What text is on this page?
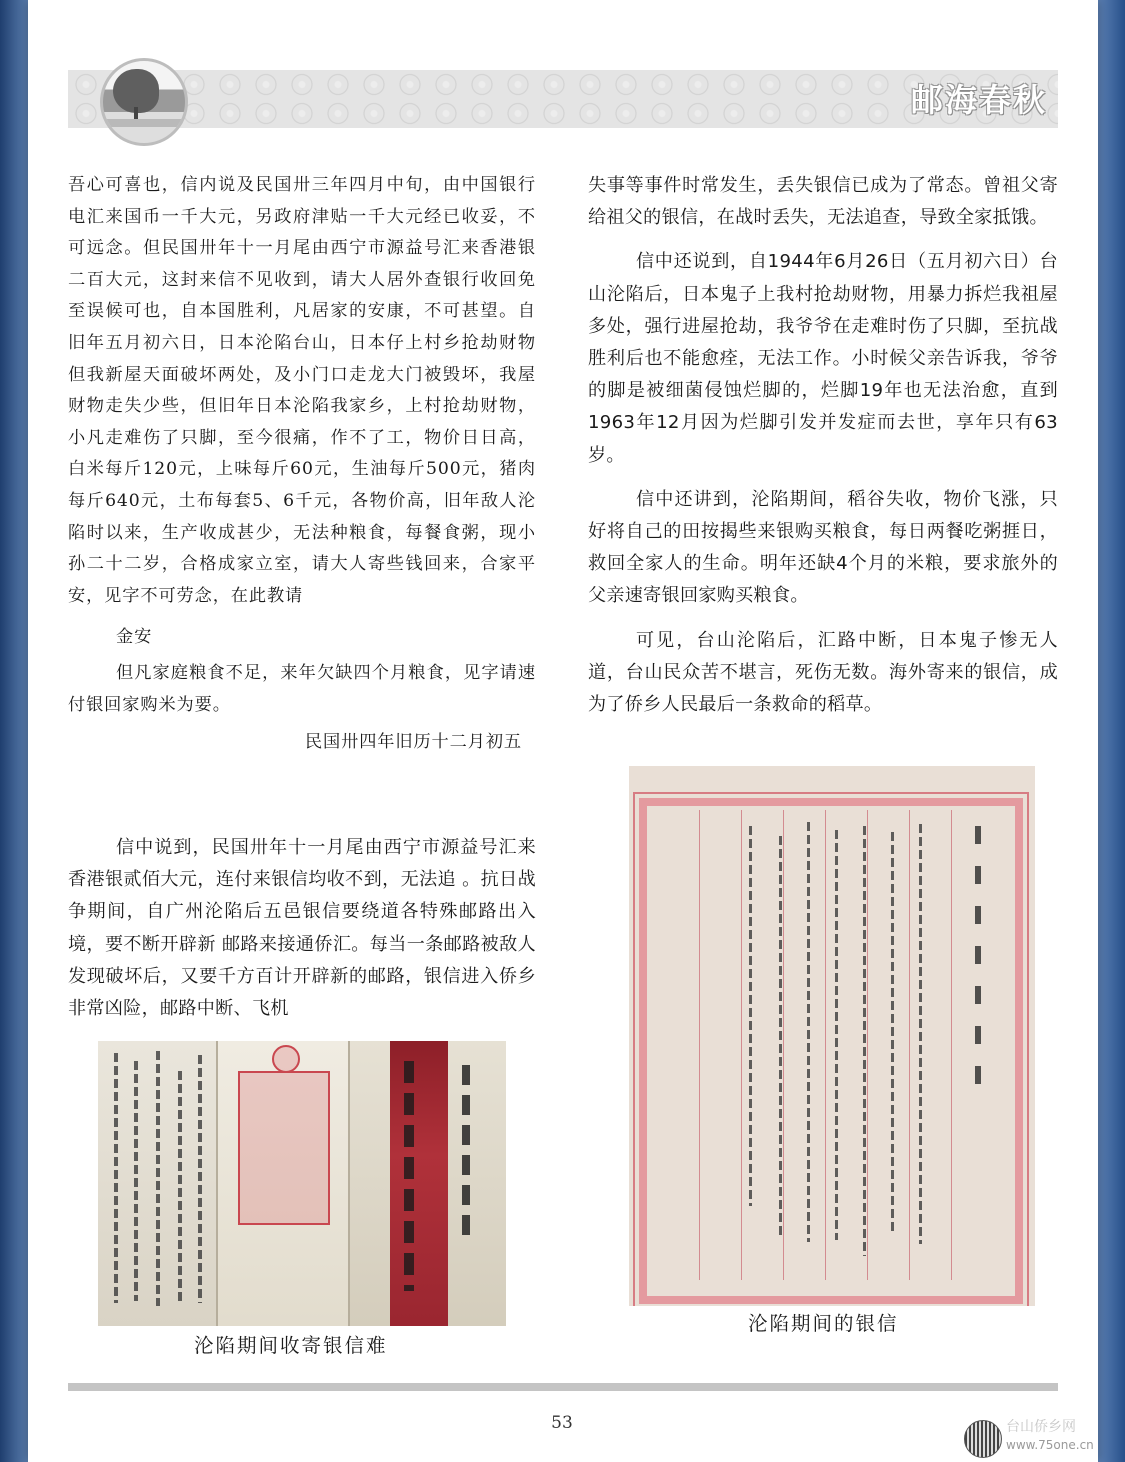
邮海春秋

吾心可喜也，信内说及民国卅三年四月中旬，由中国银行电汇来国币一千大元，另政府津贴一千大元经已收妥，不可远念。但民国卅年十一月尾由西宁市源益号汇来香港银二百大元，这封来信不见收到，请大人居外查银行收回免至误候可也，自本国胜利，凡居家的安康，不可甚望。自旧年五月初六日，日本沦陷台山，日本仔上村乡抢劫财物但我新屋天面破坏两处，及小门口走龙大门被毁坏，我屋财物走失少些，但旧年日本沦陷我家乡，上村抢劫财物，小凡走难伤了只脚，至今很痛，作不了工，物价日日高，白米每斤120元，上味每斤60元，生油每斤500元，猪肉每斤640元，土布每套5、6千元，各物价高，旧年敌人沦陷时以来，生产收成甚少，无法种粮食，每餐食粥，现小孙二十二岁，合格成家立室，请大人寄些钱回来，合家平安，见字不可劳念，在此教请

金安

但凡家庭粮食不足，来年欠缺四个月粮食，见字请速付银回家购米为要。

民国卅四年旧历十二月初五

信中说到，民国卅年十一月尾由西宁市源益号汇来香港银贰佰大元，连付来银信均收不到，无法追 。抗日战争期间，自广州沦陷后五邑银信要绕道各特殊邮路出入境，要不断开辟新 邮路来接通侨汇。每当一条邮路被敌人发现破坏后，又要千方百计开辟新的邮路，银信进入侨乡非常凶险，邮路中断、飞机

失事等事件时常发生，丢失银信已成为了常态。曾祖父寄给祖父的银信，在战时丢失，无法追查，导致全家抵饿。

信中还说到，自1944年6月26日（五月初六日）台山沦陷后，日本鬼子上我村抢劫财物，用暴力拆烂我祖屋多处，强行进屋抢劫，我爷爷在走难时伤了只脚，至抗战胜利后也不能愈痊，无法工作。小时候父亲告诉我，爷爷的脚是被细菌侵蚀烂脚的，烂脚19年也无法治愈，直到1963年12月因为烂脚引发并发症而去世，享年只有63岁。

信中还讲到，沦陷期间，稻谷失收，物价飞涨，只好将自己的田按揭些来银购买粮食，每日两餐吃粥捱日，救回全家人的生命。明年还缺4个月的米粮，要求旅外的父亲速寄银回家购买粮食。

可见，台山沦陷后，汇路中断，日本鬼子惨无人道，台山民众苦不堪言，死伤无数。海外寄来的银信，成为了侨乡人民最后一条救命的稻草。

沦陷期间收寄银信难
沦陷期间的银信
53	台山侨乡网
www.75one.cn
